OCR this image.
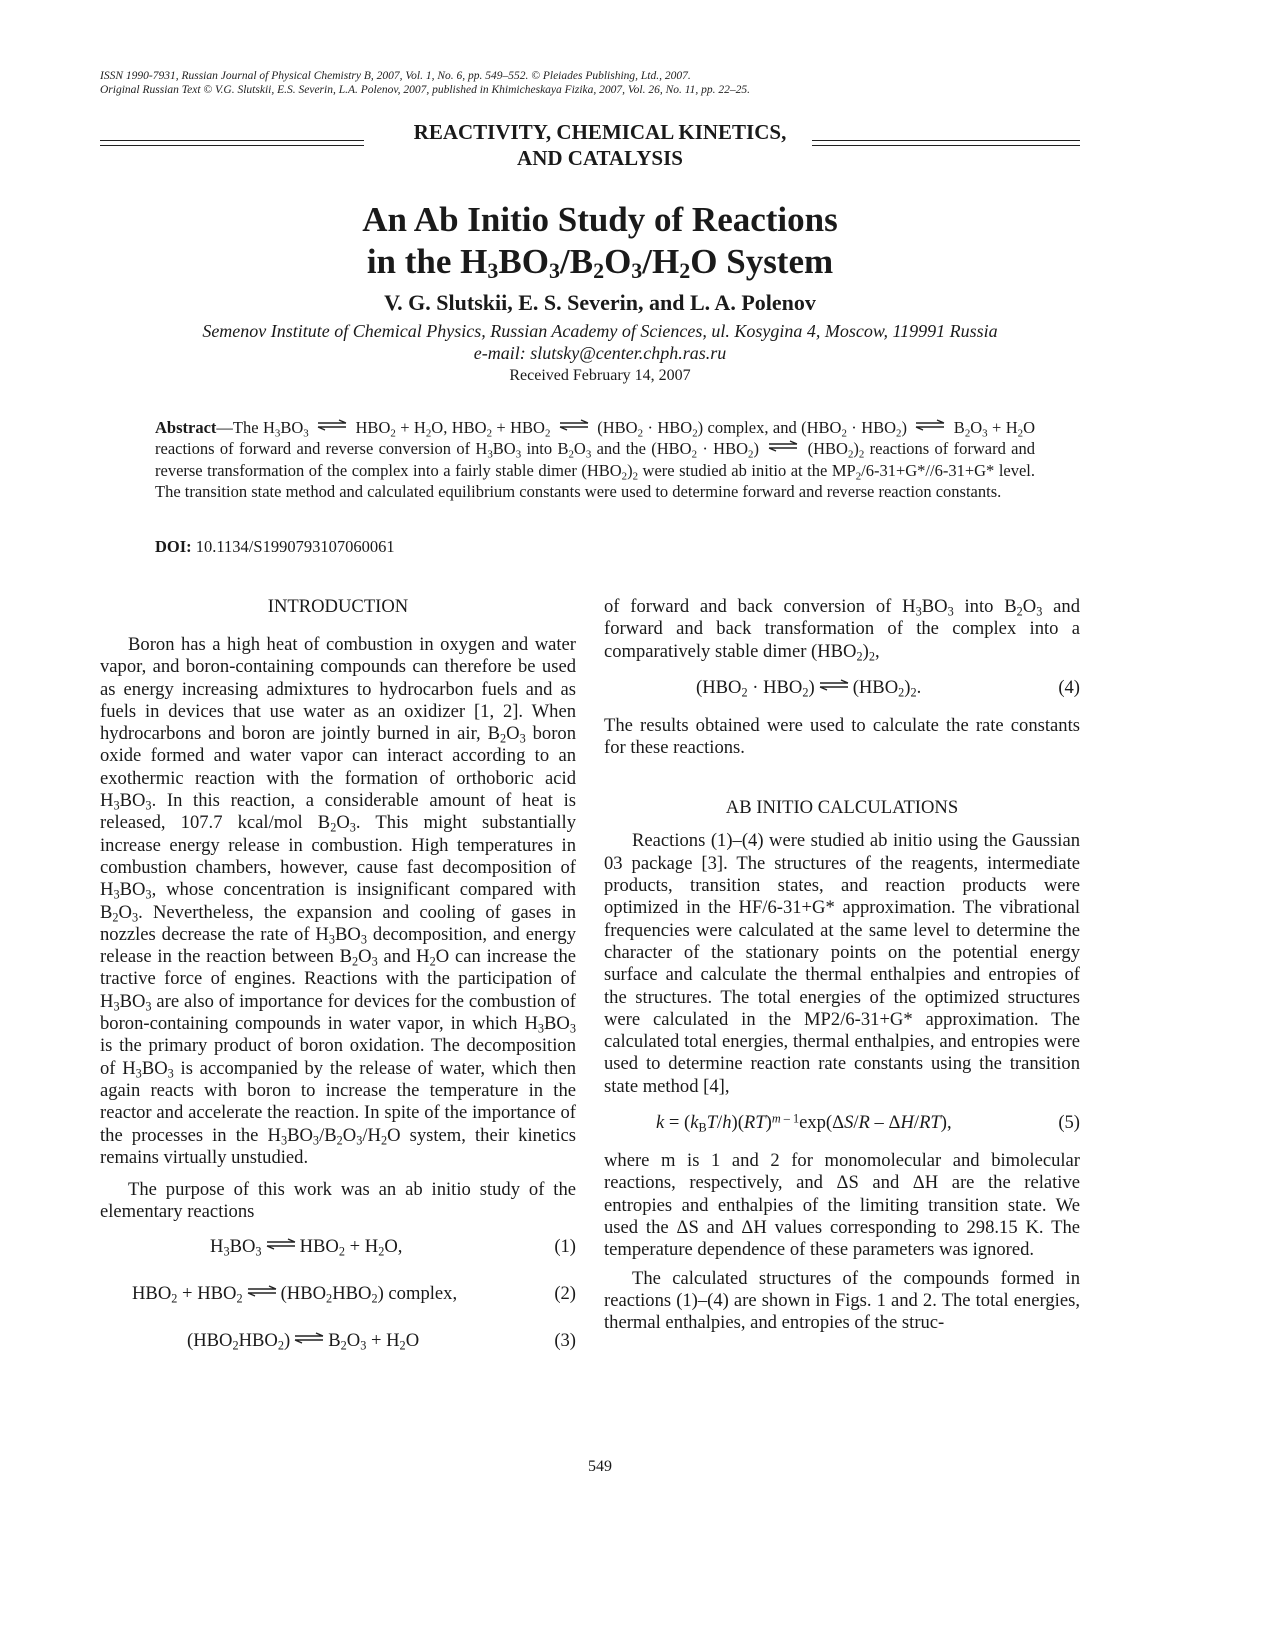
ISSN 1990-7931, Russian Journal of Physical Chemistry B, 2007, Vol. 1, No. 6, pp. 549–552. © Pleiades Publishing, Ltd., 2007.
Original Russian Text © V.G. Slutskii, E.S. Severin, L.A. Polenov, 2007, published in Khimicheskaya Fizika, 2007, Vol. 26, No. 11, pp. 22–25.
REACTIVITY, CHEMICAL KINETICS,
AND CATALYSIS
An Ab Initio Study of Reactions
in the $H_3BO_3/B_2O_3/H_2O$ System
V. G. Slutskii, E. S. Severin, and L. A. Polenov
Semenov Institute of Chemical Physics, Russian Academy of Sciences, ul. Kosygina 4, Moscow, 119991 Russia
e-mail: slutsky@center.chph.ras.ru
Received February 14, 2007
Abstract—The $H_3BO_3$ ⇌ $HBO_2 + H_2O$, $HBO_2 + HBO_2$ ⇌ $(HBO_2 \cdot HBO_2)$ complex, and $(HBO_2 \cdot HBO_2)$ ⇌ $B_2O_3 + H_2O$ reactions of forward and reverse conversion of $H_3BO_3$ into $B_2O_3$ and the $(HBO_2 \cdot HBO_2)$ ⇌ $(HBO_2)_2$ reactions of forward and reverse transformation of the complex into a fairly stable dimer $(HBO_2)_2$ were studied ab initio at the $MP_2/6-31+G*//6-31+G*$ level. The transition state method and calculated equilibrium constants were used to determine forward and reverse reaction constants.
DOI: 10.1134/S1990793107060061
INTRODUCTION

Boron has a high heat of combustion in oxygen and water vapor, and boron-containing compounds can therefore be used as energy increasing admixtures to hydrocarbon fuels and as fuels in devices that use water as an oxidizer [1, 2]. When hydrocarbons and boron are jointly burned in air, $B_2O_3$ boron oxide formed and water vapor can interact according to an exothermic reaction with the formation of orthoboric acid $H_3BO_3$. In this reaction, a considerable amount of heat is released, 107.7 kcal/mol $B_2O_3$. This might substantially increase energy release in combustion. High temperatures in combustion chambers, however, cause fast decomposition of $H_3BO_3$, whose concentration is insignificant compared with $B_2O_3$. Nevertheless, the expansion and cooling of gases in nozzles decrease the rate of $H_3BO_3$ decomposition, and energy release in the reaction between $B_2O_3$ and $H_2O$ can increase the tractive force of engines. Reactions with the participation of $H_3BO_3$ are also of importance for devices for the combustion of boron-containing compounds in water vapor, in which $H_3BO_3$ is the primary product of boron oxidation. The decomposition of $H_3BO_3$ is accompanied by the release of water, which then again reacts with boron to increase the temperature in the reactor and accelerate the reaction. In spite of the importance of the processes in the $H_3BO_3/B_2O_3/H_2O$ system, their kinetics remains virtually unstudied.

The purpose of this work was an ab initio study of the elementary reactions

$H_3BO_3$ ⇌ $HBO_2 + H_2O$,	(1)
$HBO_2 + HBO_2$ ⇌ $(HBO_2HBO_2)$ complex,	(2)
$(HBO_2HBO_2)$ ⇌ $B_2O_3 + H_2O$	(3)

of forward and back conversion of $H_3BO_3$ into $B_2O_3$ and forward and back transformation of the complex into a comparatively stable dimer $(HBO_2)_2$,

$(HBO_2 \cdot HBO_2)$ ⇌ $(HBO_2)_2$.	(4)

The results obtained were used to calculate the rate constants for these reactions.

AB INITIO CALCULATIONS

Reactions (1)–(4) were studied ab initio using the Gaussian 03 package [3]. The structures of the reagents, intermediate products, transition states, and reaction products were optimized in the HF/6-31+G* approximation. The vibrational frequencies were calculated at the same level to determine the character of the stationary points on the potential energy surface and calculate the thermal enthalpies and entropies of the structures. The total energies of the optimized structures were calculated in the MP2/6-31+G* approximation. The calculated total energies, thermal enthalpies, and entropies were used to determine reaction rate constants using the transition state method [4],

$k = (k_BT/h)(RT)^{m - 1}\exp(\Delta S/R - \Delta H/RT)$,	(5)

where m is 1 and 2 for monomolecular and bimolecular reactions, respectively, and ΔS and ΔH are the relative entropies and enthalpies of the limiting transition state. We used the ΔS and ΔH values corresponding to 298.15 K. The temperature dependence of these parameters was ignored.

The calculated structures of the compounds formed in reactions (1)–(4) are shown in Figs. 1 and 2. The total energies, thermal enthalpies, and entropies of the struc-

549
